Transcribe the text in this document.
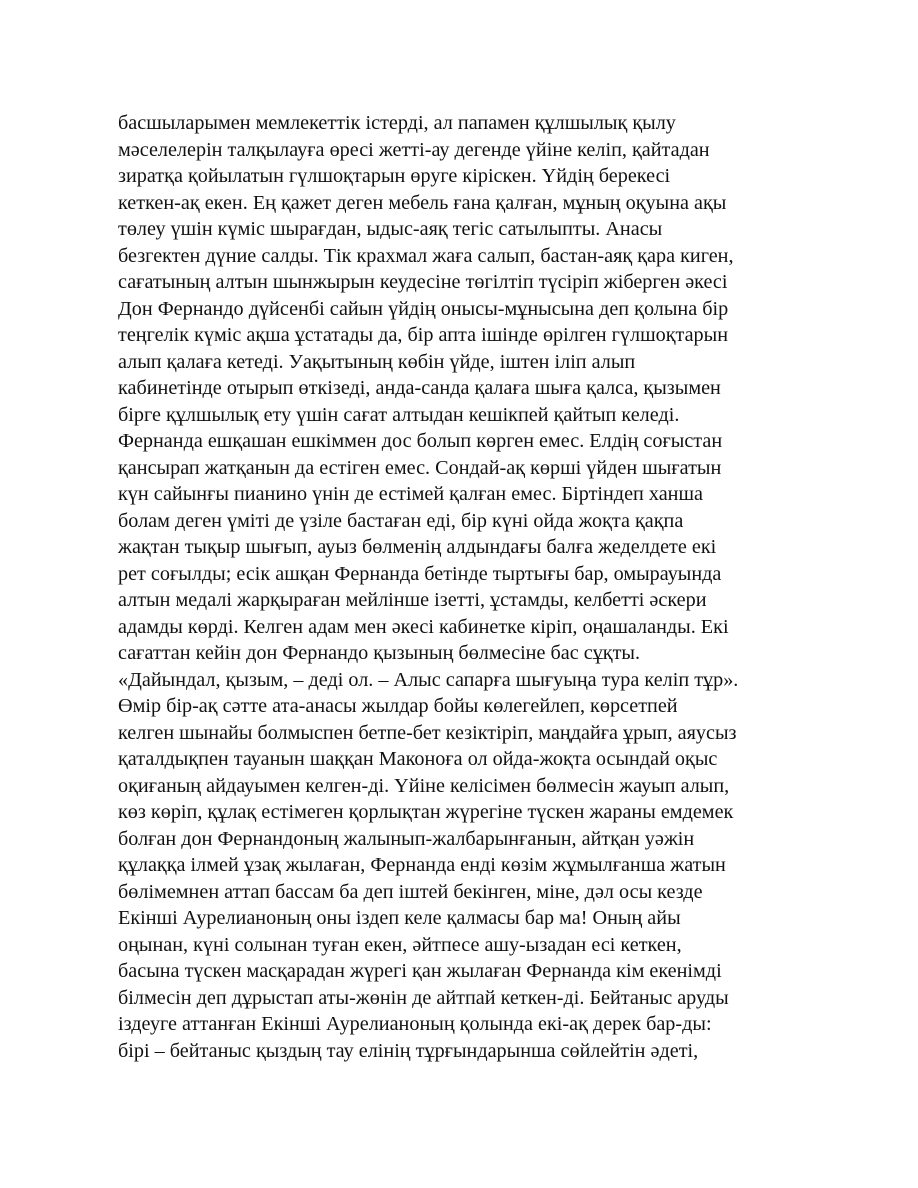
басшыларымен мемлекеттік істерді, ал папамен құлшылық қылу
мәселелерін талқылауға өресі жетті-ау дегенде үйіне келіп, қайтадан
зиратқа қойылатын гүлшоқтарын өруге кіріскен. Үйдің берекесі
кеткен-ақ екен. Ең қажет деген мебель ғана қалған, мұның оқуына ақы
төлеу үшін күміс шырағдан, ыдыс-аяқ тегіс сатылыпты. Анасы
безгектен дүние салды. Тік крахмал жаға салып, бастан-аяқ қара киген,
сағатының алтын шынжырын кеудесіне төгілтіп түсіріп жіберген әкесі
Дон Фернандо дүйсенбі сайын үйдің онысы-мұнысына деп қолына бір
теңгелік күміс ақша ұстатады да, бір апта ішінде өрілген гүлшоқтарын
алып қалаға кетеді. Уақытының көбін үйде, іштен іліп алып
кабинетінде отырып өткізеді, анда-санда қалаға шыға қалса, қызымен
бірге құлшылық ету үшін сағат алтыдан кешікпей қайтып келеді.
Фернанда ешқашан ешкіммен дос болып көрген емес. Елдің соғыстан
қансырап жатқанын да естіген емес. Сондай-ақ көрші үйден шығатын
күн сайынғы пианино үнін де естімей қалған емес. Біртіндеп ханша
болам деген үміті де үзіле бастаған еді, бір күні ойда жоқта қақпа
жақтан тықыр шығып, ауыз бөлменің алдындағы балға жеделдете екі
рет соғылды; есік ашқан Фернанда бетінде тыртығы бар, омырауында
алтын медалі жарқыраған мейлінше ізетті, ұстамды, келбетті әскери
адамды көрді. Келген адам мен әкесі кабинетке кіріп, оңашаланды. Екі
сағаттан кейін дон Фернандо қызының бөлмесіне бас сұқты.
«Дайындал, қызым, – деді ол. – Алыс сапарға шығуыңа тура келіп тұр».
Өмір бір-ақ сәтте ата-анасы жылдар бойы көлегейлеп, көрсетпей
келген шынайы болмыспен бетпе-бет кезіктіріп, маңдайға ұрып, аяусыз
қаталдықпен тауанын шаққан Маконоға ол ойда-жоқта осындай оқыс
оқиғаның айдауымен келген-ді. Үйіне келісімен бөлмесін жауып алып,
көз көріп, құлақ естімеген қорлықтан жүрегіне түскен жараны емдемек
болған дон Фернандоның жалынып-жалбарынғанын, айтқан уәжін
құлаққа ілмей ұзақ жылаған, Фернанда енді көзім жұмылғанша жатын
бөлімемнен аттап бассам ба деп іштей бекінген, міне, дәл осы кезде
Екінші Аурелианоның оны іздеп келе қалмасы бар ма! Оның айы
оңынан, күні солынан туған екен, әйтпесе ашу-ызадан есі кеткен,
басына түскен масқарадан жүрегі қан жылаған Фернанда кім екенімді
білмесін деп дұрыстап аты-жөнін де айтпай кеткен-ді. Бейтаныс аруды
іздеуге аттанған Екінші Аурелианоның қолында екі-ақ дерек бар-ды:
бірі – бейтаныс қыздың тау елінің тұрғындарынша сөйлейтін әдеті,
